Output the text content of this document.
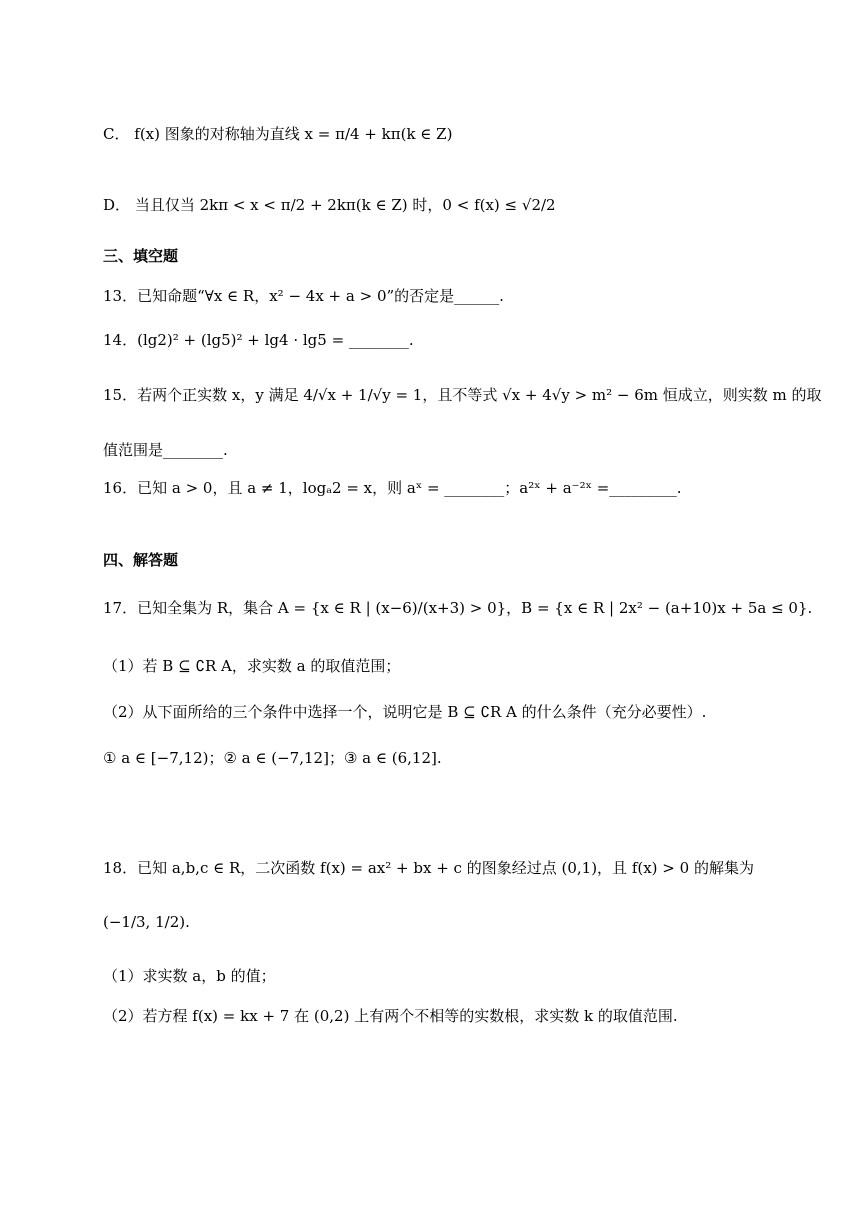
C． f(x) 图象的对称轴为直线 x = π/4 + kπ(k ∈ Z)
D． 当且仅当 2kπ < x < π/2 + 2kπ(k ∈ Z) 时，0 < f(x) ≤ √2/2
三、填空题
13．已知命题“∀x ∈ R，x² − 4x + a > 0”的否定是______.
14．(lg2)² + (lg5)² + lg4 · lg5 = ________.
15．若两个正实数 x，y 满足 4/√x + 1/√y = 1，且不等式 √x + 4√y > m² − 6m 恒成立，则实数 m 的取
值范围是________.
16．已知 a > 0，且 a ≠ 1，logₐ2 = x，则 aˣ = ________；a²ˣ + a⁻²ˣ =_________.
四、解答题
17．已知全集为 R，集合 A = {x ∈ R | (x−6)/(x+3) > 0}，B = {x ∈ R | 2x² − (a+10)x + 5a ≤ 0}.
（1）若 B ⊆ ∁R A，求实数 a 的取值范围；
（2）从下面所给的三个条件中选择一个，说明它是 B ⊆ ∁R A 的什么条件（充分必要性）.
① a ∈ [−7,12)；② a ∈ (−7,12]；③ a ∈ (6,12].
18．已知 a,b,c ∈ R，二次函数 f(x) = ax² + bx + c 的图象经过点 (0,1)，且 f(x) > 0 的解集为
(−1/3, 1/2).
（1）求实数 a，b 的值；
（2）若方程 f(x) = kx + 7 在 (0,2) 上有两个不相等的实数根，求实数 k 的取值范围.
